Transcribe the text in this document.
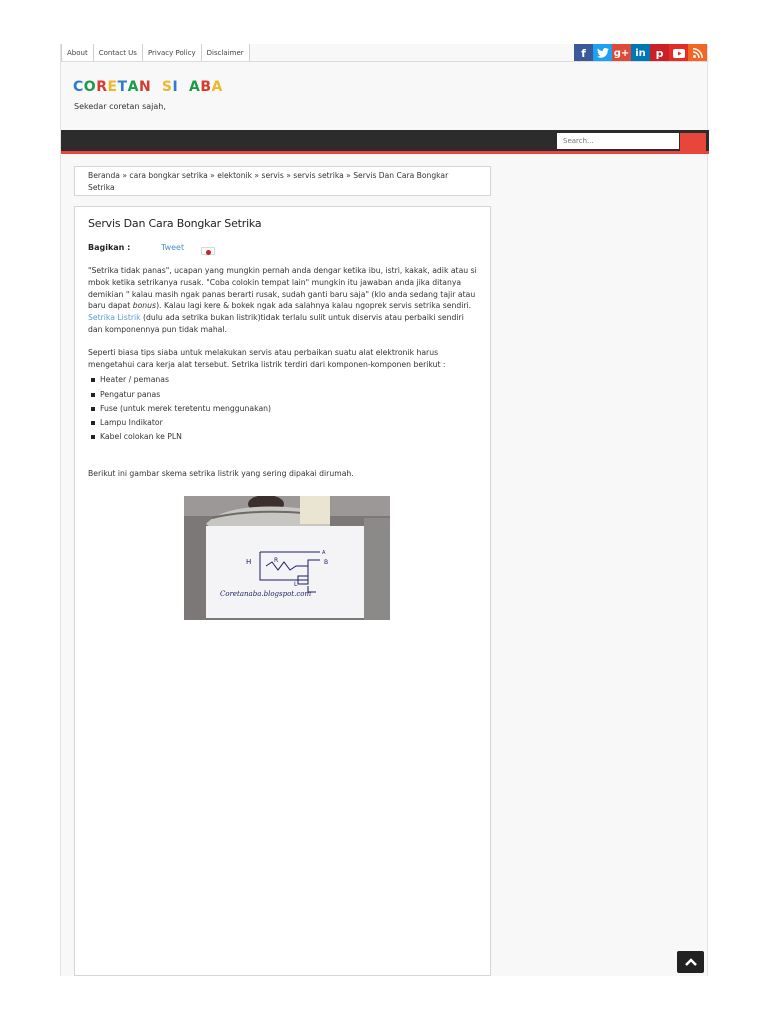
About	Contact Us	Privacy Policy	Disclaimer	f	g+ in p
CORETAN SI ABA
Sekedar coretan sajah,
Search...
Beranda » cara bongkar setrika » elektonik » servis » servis setrika » Servis Dan Cara Bongkar Setrika
Servis Dan Cara Bongkar Setrika
Bagikan :	Tweet

"Setrika tidak panas", ucapan yang mungkin pernah anda dengar ketika ibu, istri, kakak, adik atau si mbok ketika setrikanya rusak. "Coba colokin tempat lain" mungkin itu jawaban anda jika ditanya demikian " kalau masih ngak panas berarti rusak, sudah ganti baru saja" (klo anda sedang tajir atau baru dapat bonus). Kalau lagi kere & bokek ngak ada salahnya kalau ngoprek servis setrika sendiri. Setrika Listrik (dulu ada setrika bukan listrik)tidak terlalu sulit untuk diservis atau perbaiki sendiri dan komponennya pun tidak mahal.

Seperti biasa tips siaba untuk melakukan servis atau perbaikan suatu alat elektronik harus mengetahui cara kerja alat tersebut. Setrika listrik terdiri dari komponen-komponen berikut :

Heater / pemanas
Pengatur panas
Fuse (untuk merek teretentu menggunakan)
Lampu Indikator
Kabel colokan ke PLN

Berikut ini gambar skema setrika listrik yang sering dipakai dirumah.

H	R
A
B
L
Coretanaba.blogspot.com
